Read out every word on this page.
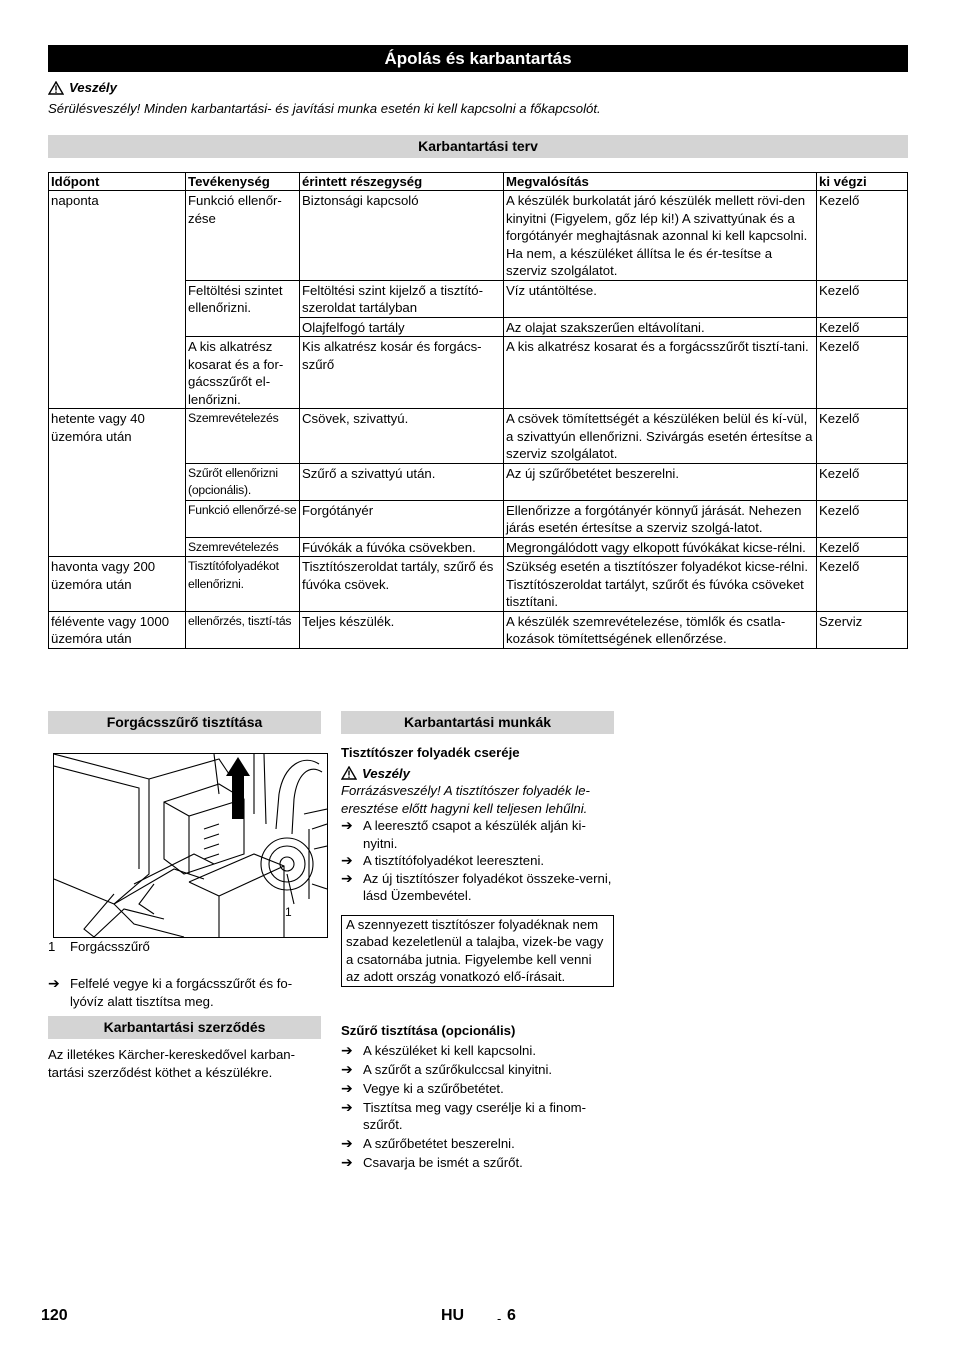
Ápolás és karbantartás
Veszély
Sérülésveszély! Minden karbantartási- és javítási munka esetén ki kell kapcsolni a főkapcsolót.
Karbantartási terv
Időpont	Tevékenység	érintett részegység	Megvalósítás	ki végzi
naponta	Funkció ellenőr-zése	Biztonsági kapcsoló	A készülék burkolatát járó készülék mellett rövi-den kinyitni (Figyelem, gőz lép ki!) A szivattyúnak és a forgótányér meghajtásnak azonnal ki kell kapcsolni. Ha nem, a készüléket állítsa le és ér-tesítse a szerviz szolgálatot.	Kezelő
	Feltöltési szintet ellenőrizni.	Feltöltési szint kijelző a tisztító-szeroldat tartályban	Víz utántöltése.	Kezelő
		Olajfelfogó tartály	Az olajat szakszerűen eltávolítani.	Kezelő
	A kis alkatrész kosarat és a for-gácsszűrőt el-lenőrizni.	Kis alkatrész kosár és forgács-szűrő	A kis alkatrész kosarat és a forgácsszűrőt tisztí-tani.	Kezelő
hetente vagy 40 üzemóra után	Szemrevételezés	Csövek, szivattyú.	A csövek tömítettségét a készüléken belül és kí-vül, a szivattyún ellenőrizni. Szivárgás esetén értesítse a szerviz szolgálatot.	Kezelő
	Szűrőt ellenőrizni (opcionális).	Szűrő a szivattyú után.	Az új szűrőbetétet beszerelni.	Kezelő
	Funkció ellenőrzé-se	Forgótányér	Ellenőrizze a forgótányér könnyű járását. Nehezen járás esetén értesítse a szerviz szolgá-latot.	Kezelő
	Szemrevételezés	Fúvókák a fúvóka csövekben.	Megrongálódott vagy elkopott fúvókákat kicse-rélni.	Kezelő
havonta vagy 200 üzemóra után	Tisztítófolyadékot ellenőrizni.	Tisztítószeroldat tartály, szűrő és fúvóka csövek.	Szükség esetén a tisztítószer folyadékot kicse-rélni. Tisztítószeroldat tartályt, szűrőt és fúvóka csöveket tisztítani.	Kezelő
félévente vagy 1000 üzemóra után	ellenőrzés, tisztí-tás	Teljes készülék.	A készülék szemrevételezése, tömlők és csatla-kozások tömítettségének ellenőrzése.	Szerviz
Forgácsszűrő tisztítása
1
1	Forgácsszűrő
➔ Felfelé vegye ki a forgácsszűrőt és fo-lyóvíz alatt tisztítsa meg.
Karbantartási szerződés
Az illetékes Kärcher-kereskedővel karban-tartási szerződést köthet a készülékre.
Karbantartási munkák
Tisztítószer folyadék cseréje
Veszély
Forrázásveszély! A tisztítószer folyadék le-eresztése előtt hagyni kell teljesen lehűlni.
➔ A leeresztő csapot a készülék alján ki-nyitni.
➔ A tisztítófolyadékot leereszteni.
➔ Az új tisztítószer folyadékot összeke-verni, lásd Üzembevétel.
A szennyezett tisztítószer folyadéknak nem szabad kezeletlenül a talajba, vizek-be vagy a csatornába jutnia. Figyelembe kell venni az adott ország vonatkozó elő-írásait.
Szűrő tisztítása (opcionális)
➔ A készüléket ki kell kapcsolni.
➔ A szűrőt a szűrőkulccsal kinyitni.
➔ Vegye ki a szűrőbetétet.
➔ Tisztítsa meg vagy cserélje ki a finom-szűrőt.
➔ A szűrőbetétet beszerelni.
➔ Csavarja be ismét a szűrőt.
120	HU	- 6
